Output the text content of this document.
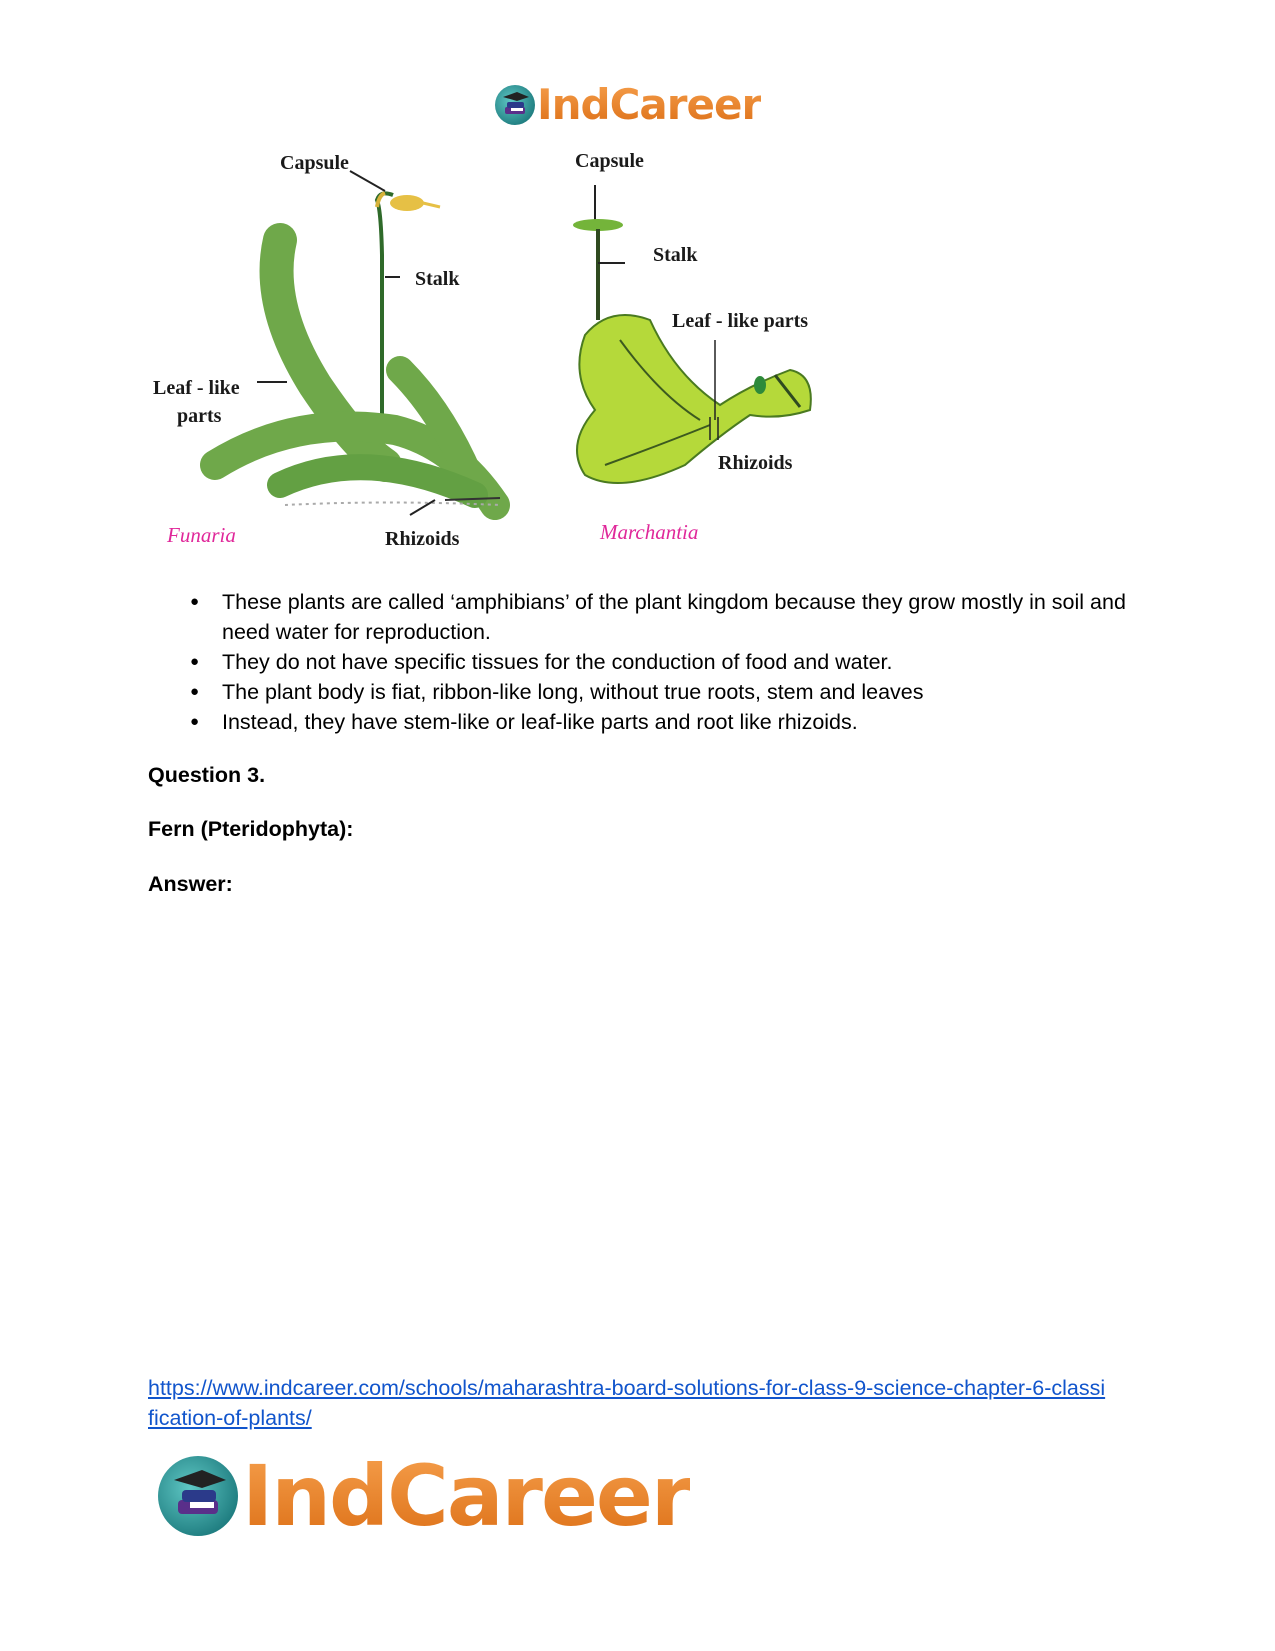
IndCareer
Capsule
Stalk
Leaf - like
parts
Rhizoids
Funaria
Capsule
Stalk
Leaf - like parts
Rhizoids
Marchantia
● These plants are called ‘amphibians’ of the plant kingdom because they grow mostly in soil and need water for reproduction.
● They do not have specific tissues for the conduction of food and water.
● The plant body is fiat, ribbon-like long, without true roots, stem and leaves
● Instead, they have stem-like or leaf-like parts and root like rhizoids.
Question 3.
Fern (Pteridophyta):
Answer:
https://www.indcareer.com/schools/maharashtra-board-solutions-for-class-9-science-chapter-6-classification-of-plants/
IndCareer
